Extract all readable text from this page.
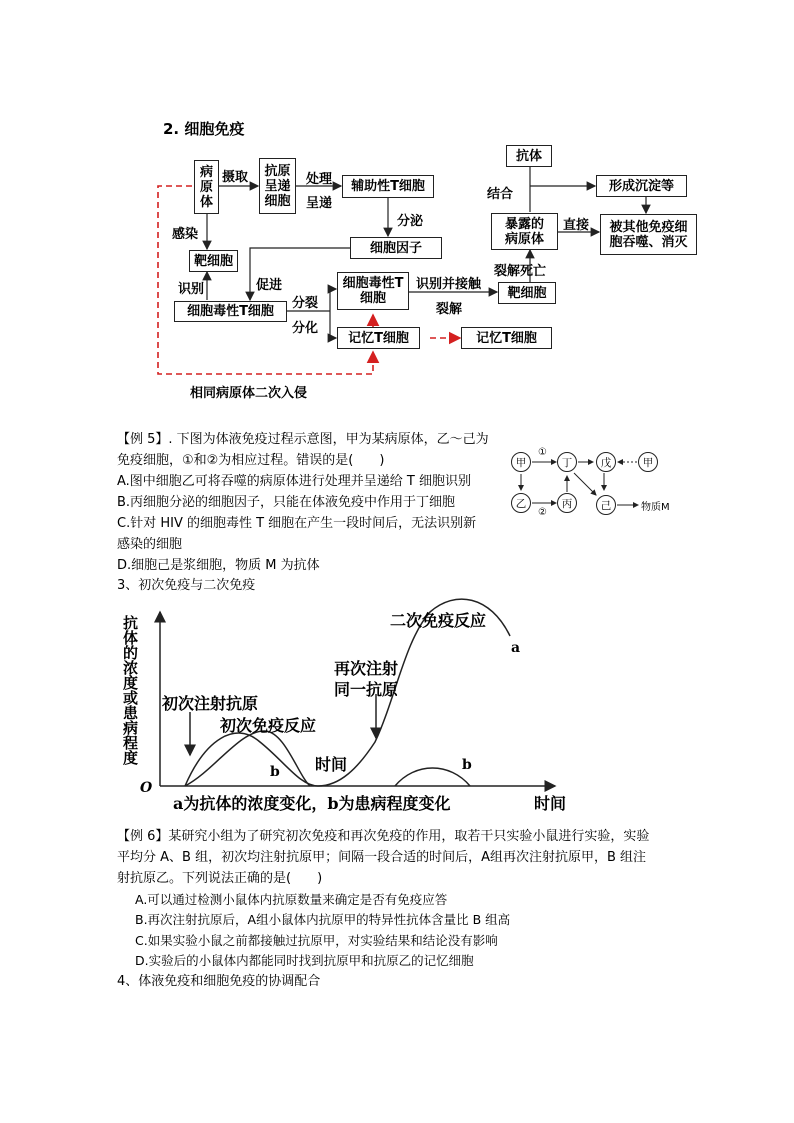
2. 细胞免疫
病
原
体
抗原
呈递
细胞
辅助性T细胞
细胞因子
靶细胞
细胞毒性T细胞
细胞毒性T
细胞
记忆T细胞	记忆T细胞
靶细胞
暴露的
病原体
抗体
形成沉淀等
被其他免疫细
胞吞噬、消灭
摄取	处理
呈递
分泌
感染
识别	促进
分裂
分化
识别并接触
裂解
裂解死亡
结合
直接
相同病原体二次入侵
【例 5】. 下图为体液免疫过程示意图，甲为某病原体，乙～己为
免疫细胞，①和②为相应过程。错误的是(　　)
A.图中细胞乙可将吞噬的病原体进行处理并呈递给 T 细胞识别
B.丙细胞分泌的细胞因子，只能在体液免疫中作用于丁细胞
C.针对 HIV 的细胞毒性 T 细胞在产生一段时间后，无法识别新
感染的细胞
D.细胞己是浆细胞，物质 M 为抗体
甲	丁	戊	甲
乙	丙	己
①
②	物质M
3、初次免疫与二次免疫
抗体的浓度或患病程度	二次免疫反应
a
再次注射
同一抗原
初次注射抗原
初次免疫反应
时间
b	b
O
a为抗体的浓度变化，b为患病程度变化	时间
【例 6】某研究小组为了研究初次免疫和再次免疫的作用，取若干只实验小鼠进行实验，实验
平均分 A、B 组，初次均注射抗原甲；间隔一段合适的时间后，A组再次注射抗原甲，B 组注
射抗原乙。下列说法正确的是(　　)
A.可以通过检测小鼠体内抗原数量来确定是否有免疫应答
B.再次注射抗原后，A组小鼠体内抗原甲的特异性抗体含量比 B 组高
C.如果实验小鼠之前都接触过抗原甲，对实验结果和结论没有影响
D.实验后的小鼠体内都能同时找到抗原甲和抗原乙的记忆细胞
4、体液免疫和细胞免疫的协调配合
